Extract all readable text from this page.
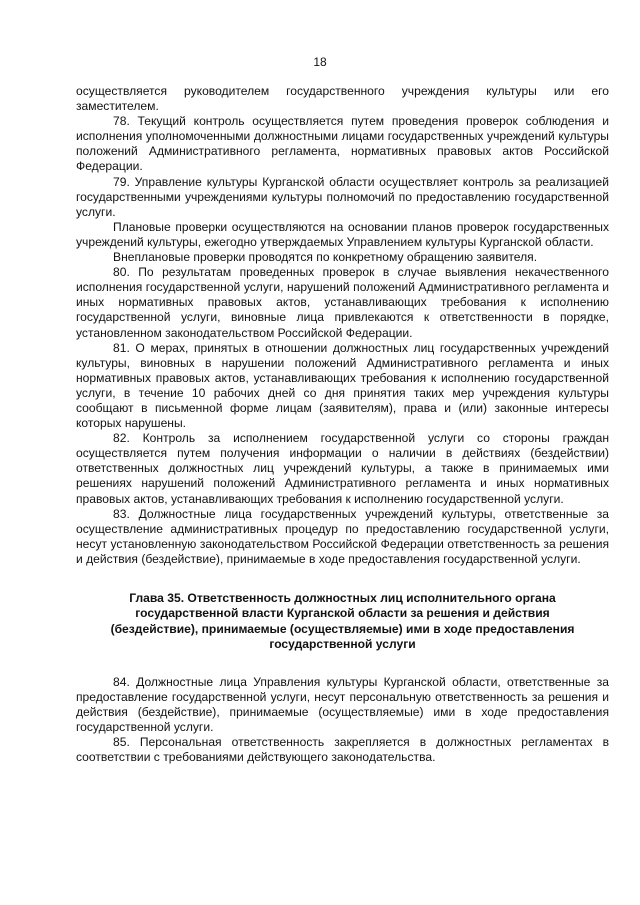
18

осуществляется руководителем государственного учреждения культуры или его заместителем.

78. Текущий контроль осуществляется путем проведения проверок соблюдения и исполнения уполномоченными должностными лицами государственных учреждений культуры положений Административного регламента, нормативных правовых актов Российской Федерации.

79. Управление культуры Курганской области осуществляет контроль за реализацией государственными учреждениями культуры полномочий по предоставлению государственной услуги.

Плановые проверки осуществляются на основании планов проверок государственных учреждений культуры, ежегодно утверждаемых Управлением культуры Курганской области.

Внеплановые проверки проводятся по конкретному обращению заявителя.

80. По результатам проведенных проверок в случае выявления некачественного исполнения государственной услуги, нарушений положений Административного регламента и иных нормативных правовых актов, устанавливающих требования к исполнению государственной услуги, виновные лица привлекаются к ответственности в порядке, установленном законодательством Российской Федерации.

81. О мерах, принятых в отношении должностных лиц государственных учреждений культуры, виновных в нарушении положений Административного регламента и иных нормативных правовых актов, устанавливающих требования к исполнению государственной услуги, в течение 10 рабочих дней со дня принятия таких мер учреждения культуры сообщают в письменной форме лицам (заявителям), права и (или) законные интересы которых нарушены.

82. Контроль за исполнением государственной услуги со стороны граждан осуществляется путем получения информации о наличии в действиях (бездействии) ответственных должностных лиц учреждений культуры, а также в принимаемых ими решениях нарушений положений Административного регламента и иных нормативных правовых актов, устанавливающих требования к исполнению государственной услуги.

83. Должностные лица государственных учреждений культуры, ответственные за осуществление административных процедур по предоставлению государственной услуги, несут установленную законодательством Российской Федерации ответственность за решения и действия (бездействие), принимаемые в ходе предоставления государственной услуги.

Глава 35. Ответственность должностных лиц исполнительного органа государственной власти Курганской области за решения и действия (бездействие), принимаемые (осуществляемые) ими в ходе предоставления государственной услуги

84. Должностные лица Управления культуры Курганской области, ответственные за предоставление государственной услуги, несут персональную ответственность за решения и действия (бездействие), принимаемые (осуществляемые) ими в ходе предоставления государственной услуги.

85. Персональная ответственность закрепляется в должностных регламентах в соответствии с требованиями действующего законодательства.
